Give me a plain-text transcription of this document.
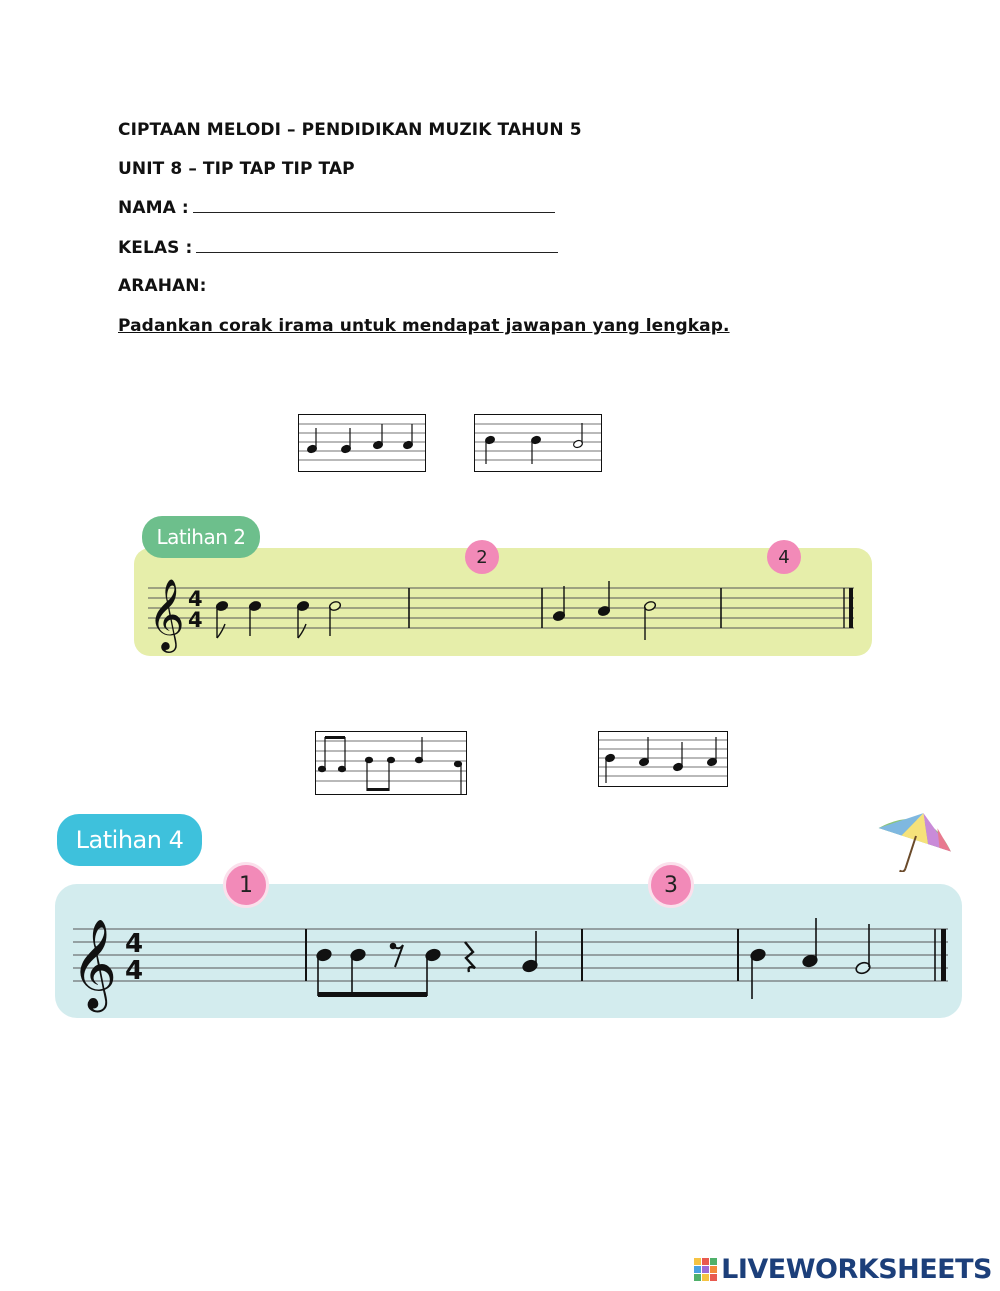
CIPTAAN MELODI – PENDIDIKAN MUZIK TAHUN 5
UNIT 8 – TIP TAP TIP TAP
NAMA :
KELAS :
ARAHAN:
Padankan corak irama untuk mendapat jawapan yang lengkap.
Latihan 2
2	4
𝄞 4
4
Latihan 4
1	3
𝄞 4
4
LIVEWORKSHEETS
